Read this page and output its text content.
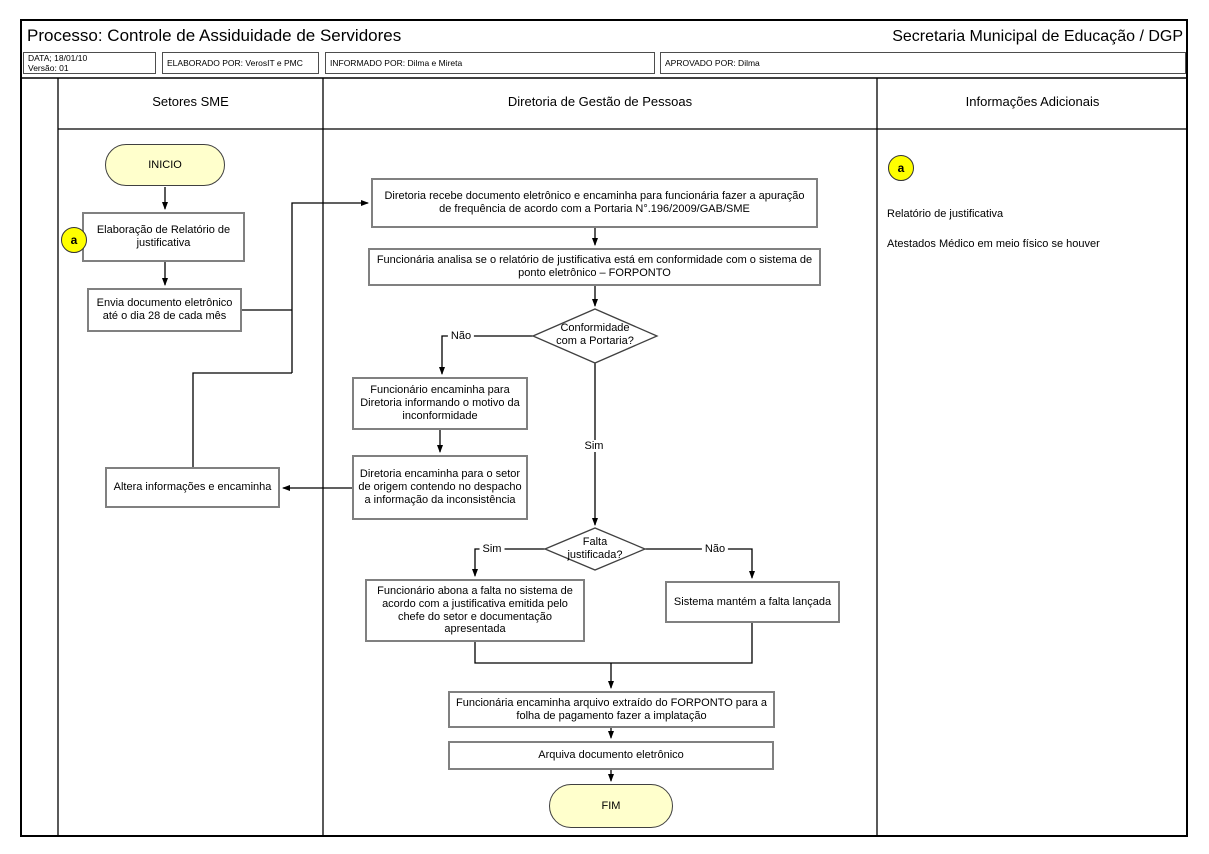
Processo: Controle de Assiduidade de Servidores	Secretaria Municipal de Educação / DGP
DATA; 18/01/10
Versão: 01
ELABORADO POR: VerosIT e PMC	INFORMADO POR: Dilma e Mireta	APROVADO POR: Dilma
Setores SME	Diretoria de Gestão de Pessoas	Informações Adicionais
INICIO
Elaboração de Relatório de justificativa
Envia documento eletrônico até o dia 28 de cada mês
Altera informações e encaminha
Diretoria recebe documento eletrônico e encaminha para funcionária fazer a apuração de frequência de acordo com a Portaria N°.196/2009/GAB/SME
Funcionária analisa se o relatório de justificativa está em conformidade com o sistema de ponto eletrônico – FORPONTO
Conformidade com a Portaria?
Funcionário encaminha para Diretoria informando o motivo da inconformidade
Diretoria encaminha para o setor de origem contendo no despacho a informação da inconsistência
Falta justificada?
Funcionário abona a falta no sistema de acordo com a justificativa emitida pelo chefe do setor e documentação apresentada
Sistema mantém a falta lançada
Funcionária encaminha arquivo extraído do FORPONTO para a folha de pagamento fazer a implatação
Arquiva documento eletrônico
FIM
Não
Sim
Sim	Não
a
a
Relatório de justificativa
Atestados Médico em meio físico se houver
